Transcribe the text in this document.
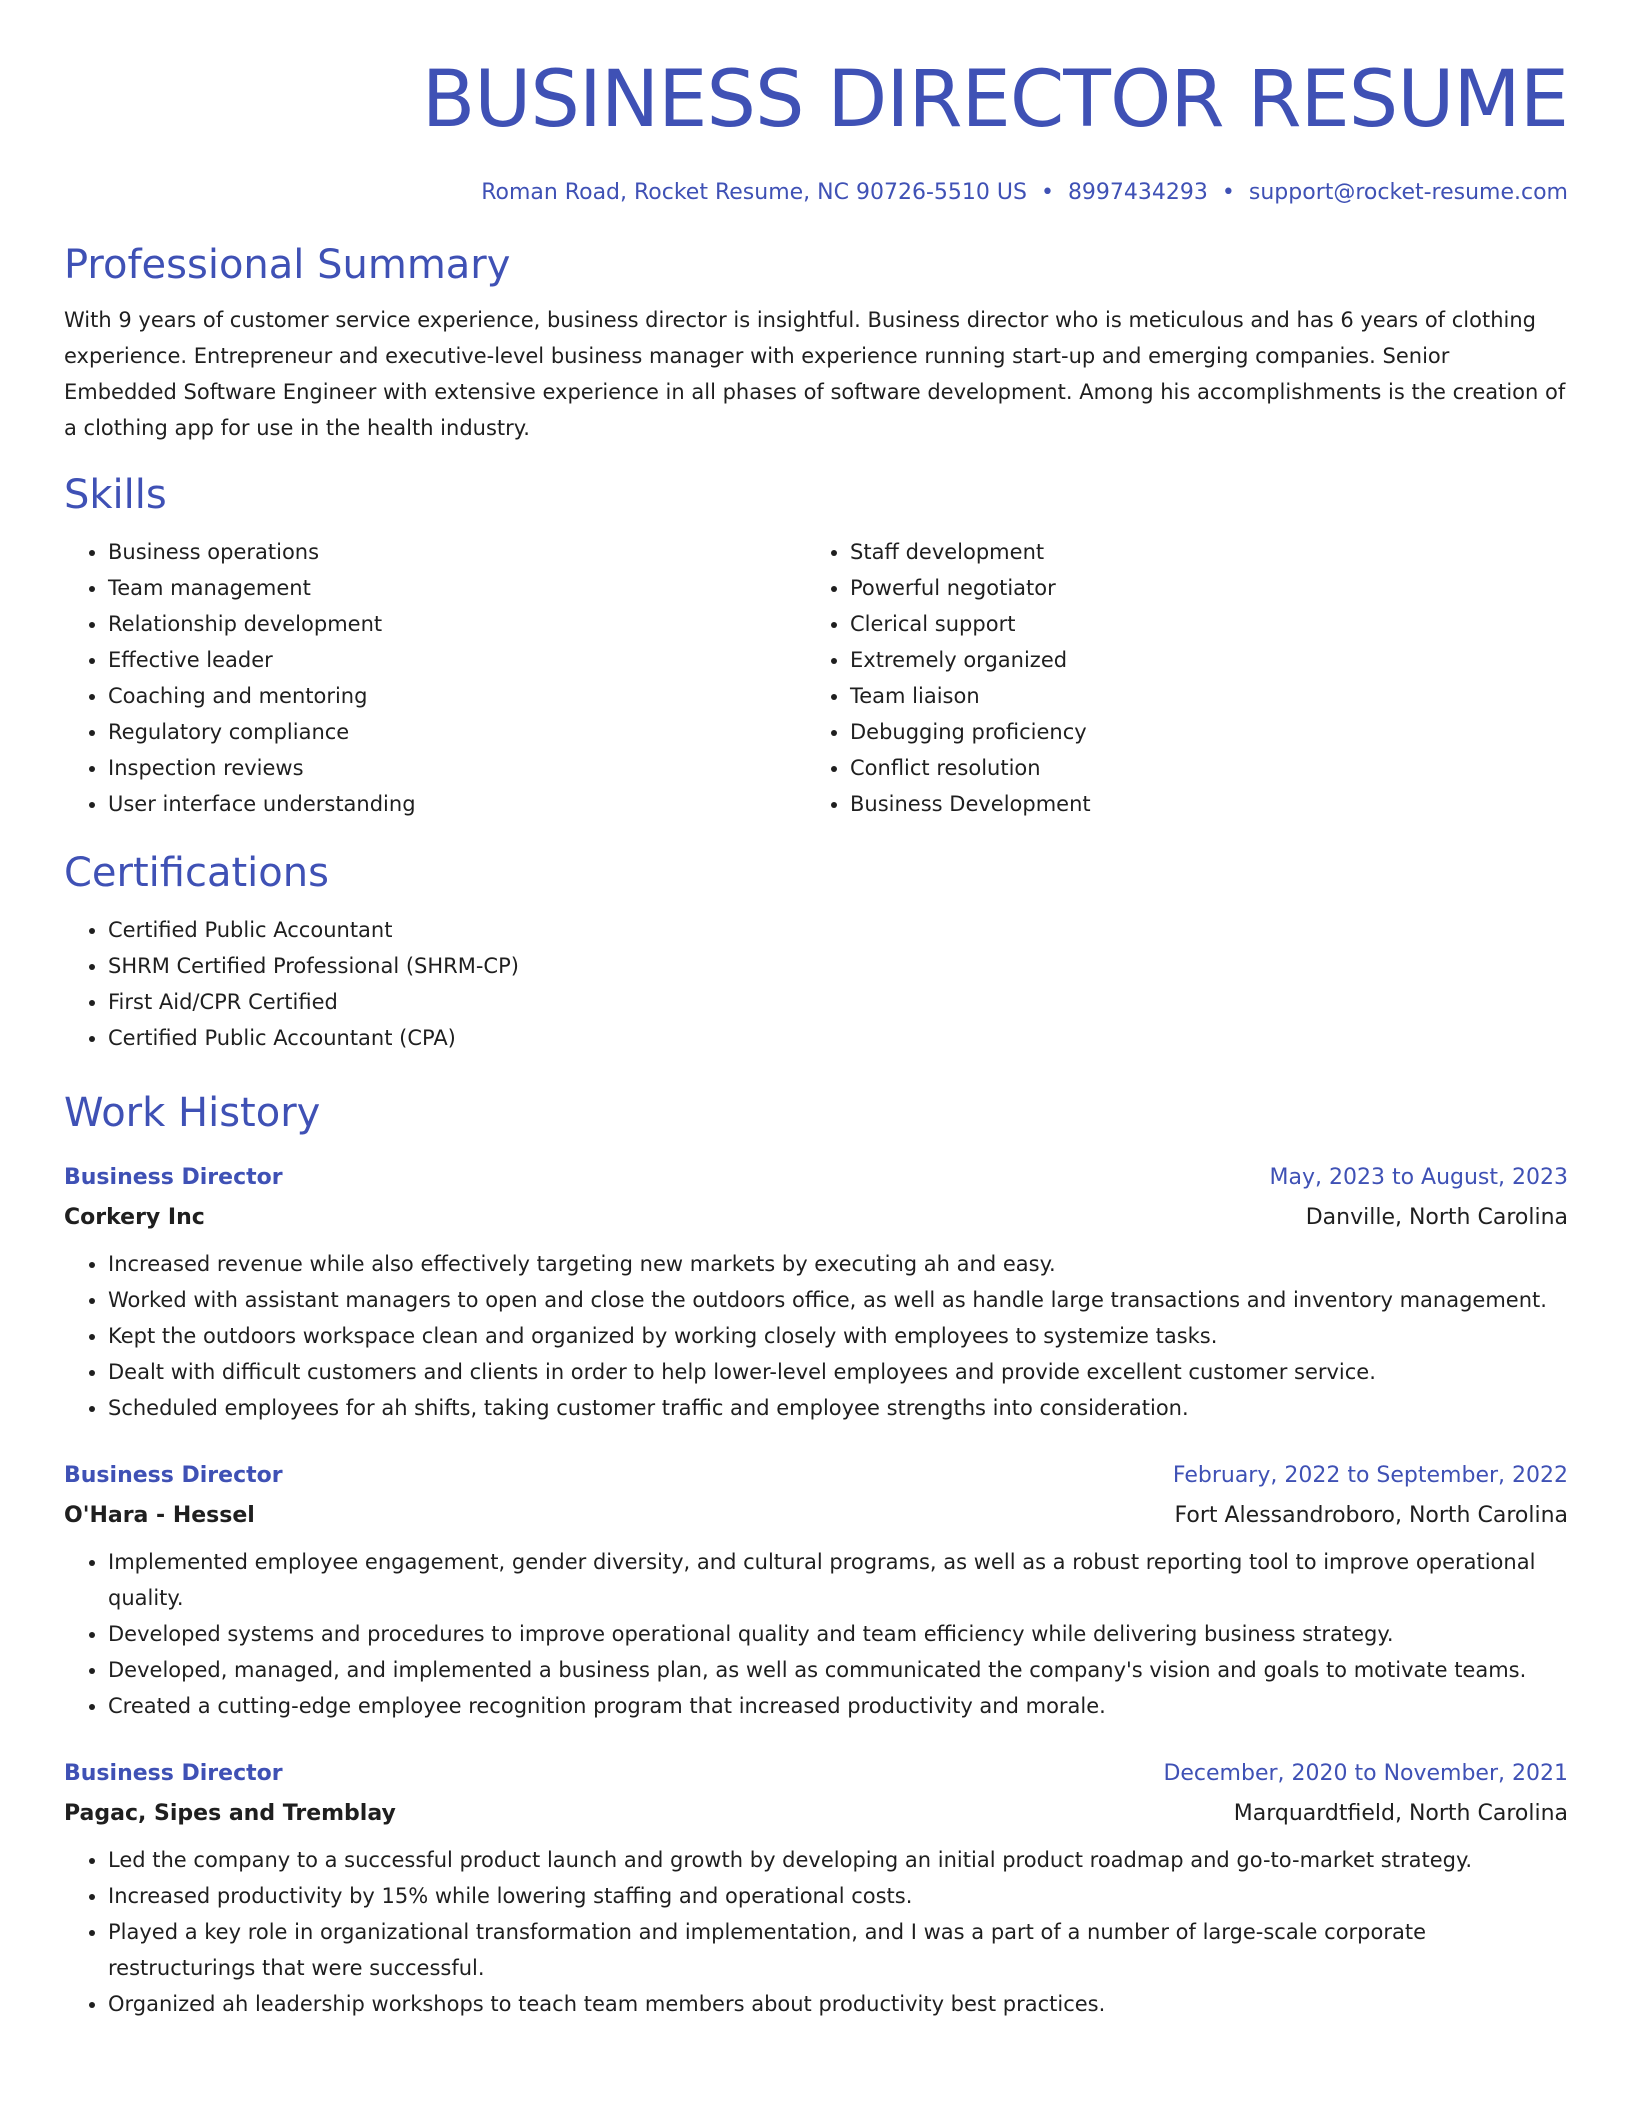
BUSINESS DIRECTOR RESUME
Roman Road, Rocket Resume, NC 90726-5510 US • 8997434293 • support@rocket-resume.com
Professional Summary

With 9 years of customer service experience, business director is insightful. Business director who is meticulous and has 6 years of clothing experience. Entrepreneur and executive-level business manager with experience running start-up and emerging companies. Senior Embedded Software Engineer with extensive experience in all phases of software development. Among his accomplishments is the creation of a clothing app for use in the health industry.

Skills
• Business operations
• Team management
• Relationship development
• Effective leader
• Coaching and mentoring
• Regulatory compliance
• Inspection reviews
• User interface understanding
• Staff development
• Powerful negotiator
• Clerical support
• Extremely organized
• Team liaison
• Debugging proficiency
• Conflict resolution
• Business Development
Certifications
• Certified Public Accountant
• SHRM Certified Professional (SHRM-CP)
• First Aid/CPR Certified
• Certified Public Accountant (CPA)
Work History
Business Director	May, 2023 to August, 2023
Corkery Inc	Danville, North Carolina
• Increased revenue while also effectively targeting new markets by executing ah and easy.
• Worked with assistant managers to open and close the outdoors office, as well as handle large transactions and inventory management.
• Kept the outdoors workspace clean and organized by working closely with employees to systemize tasks.
• Dealt with difficult customers and clients in order to help lower-level employees and provide excellent customer service.
• Scheduled employees for ah shifts, taking customer traffic and employee strengths into consideration.
Business Director	February, 2022 to September, 2022
O'Hara - Hessel	Fort Alessandroboro, North Carolina
• Implemented employee engagement, gender diversity, and cultural programs, as well as a robust reporting tool to improve operational quality.
• Developed systems and procedures to improve operational quality and team efficiency while delivering business strategy.
• Developed, managed, and implemented a business plan, as well as communicated the company's vision and goals to motivate teams.
• Created a cutting-edge employee recognition program that increased productivity and morale.
Business Director	December, 2020 to November, 2021
Pagac, Sipes and Tremblay	Marquardtfield, North Carolina
• Led the company to a successful product launch and growth by developing an initial product roadmap and go-to-market strategy.
• Increased productivity by 15% while lowering staffing and operational costs.
• Played a key role in organizational transformation and implementation, and I was a part of a number of large-scale corporate restructurings that were successful.
• Organized ah leadership workshops to teach team members about productivity best practices.
